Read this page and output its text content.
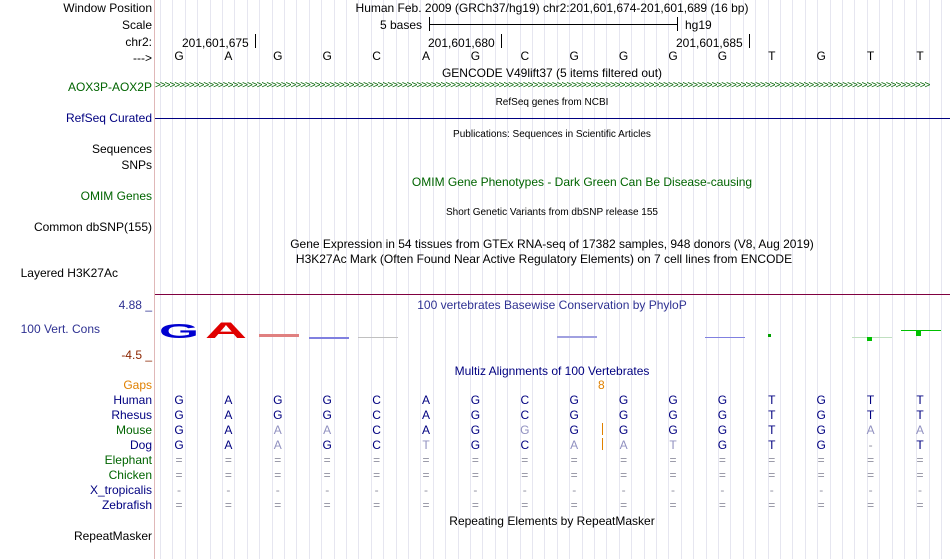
Window Position
Scale
chr2:
--->
AOX3P-AOX2P
RefSeq Curated
Sequences
SNPs
OMIM Genes
Common dbSNP(155)
Layered H3K27Ac
4.88 _
100 Vert. Cons
-4.5 _
Gaps
Human
Rhesus
Mouse
Dog
Elephant
Chicken
X_tropicalis
Zebrafish
RepeatMasker
Human Feb. 2009 (GRCh37/hg19) chr2:201,601,674-201,601,689 (16 bp)
5 bases	hg19
201,601,675	201,601,680	201,601,685
G	A	G	G	C	A	G	C	G	G	G	G	T	G	T	T
GENCODE V49lift37 (5 items filtered out)
>>>>>>>>>>>>>>>>>>>>>>>>>>>>>>>>>>>>>>>>>>>>>>>>>>>>>>>>>>>>>>>>>>>>>>>>>>>>>>>>>>>>>>>>>>>>>>>>>>>>>>>>>>>>>>>>>>>>>>>>>>>>>>>>>>>>>>>>>>>>>>>>>>>>>>>>>>>>>>>>
RefSeq genes from NCBI
Publications: Sequences in Scientific Articles
OMIM Gene Phenotypes - Dark Green Can Be Disease-causing
Short Genetic Variants from dbSNP release 155
Gene Expression in 54 tissues from GTEx RNA-seq of 17382 samples, 948 donors (V8, Aug 2019)
H3K27Ac Mark (Often Found Near Active Regulatory Elements) on 7 cell lines from ENCODE
100 vertebrates Basewise Conservation by PhyloP
G A
Multiz Alignments of 100 Vertebrates
8
G	A	G	G	C	A	G	C	G	G	G	G	T	G	T	T
G	A	G	G	C	A	G	C	G	G	G	G	T	G	T	T
G	A	A	A	C	A	G	G	G	G	G	G	T	G	A	A
G	A	A	G	C	T	G	C	A	A	T	G	T	G	-	T
=	=	=	=	=	=	=	=	=	=	=	=	=	=	=	=
=	=	=	=	=	=	=	=	=	=	=	=	=	=	=	=
-	-	-	-	-	-	-	-	-	-	-	-	-	-	-	-
=	=	=	=	=	=	=	=	=	=	=	=	=	=	=	=
Repeating Elements by RepeatMasker
